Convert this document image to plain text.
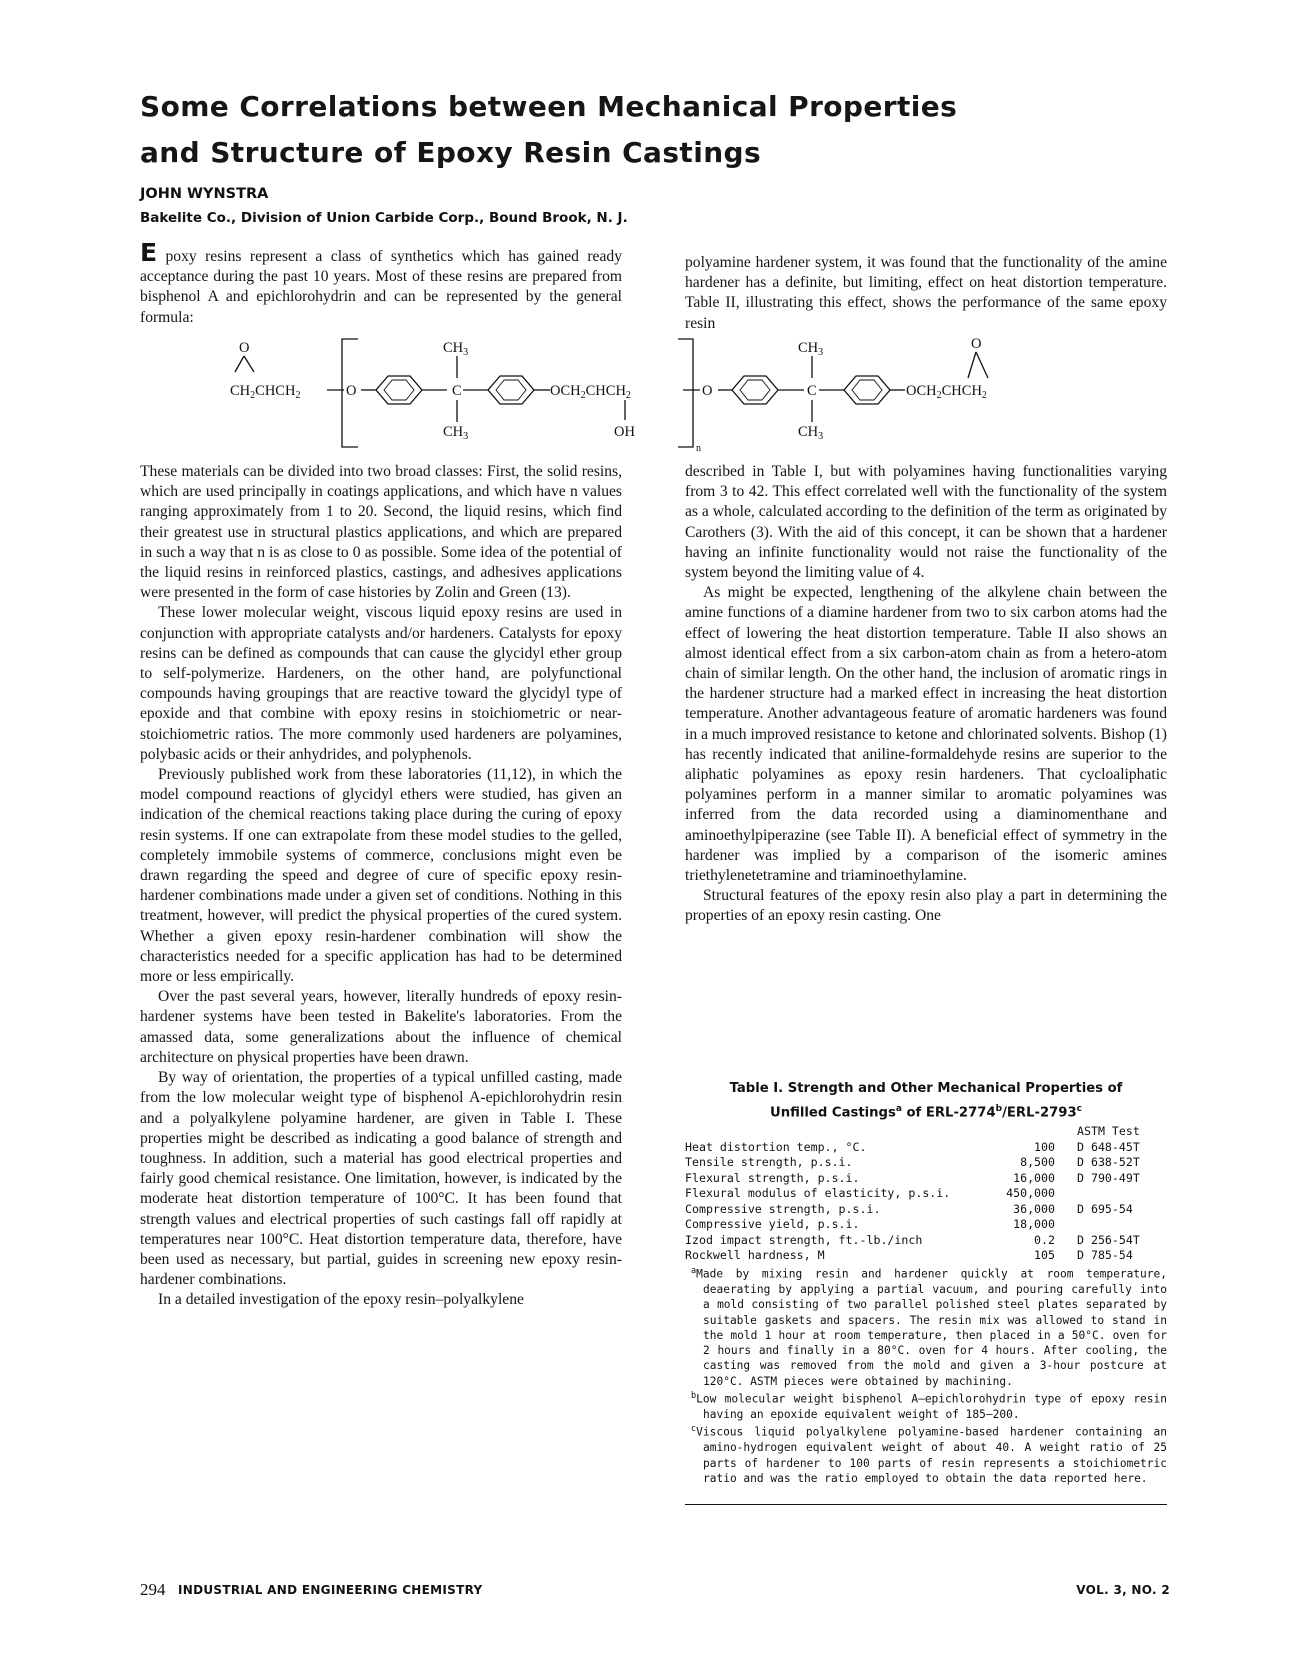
Some Correlations between Mechanical Properties
and Structure of Epoxy Resin Castings

JOHN WYNSTRA

Bakelite Co., Division of Union Carbide Corp., Bound Brook, N. J.

E poxy resins represent a class of synthetics which has gained ready acceptance during the past 10 years. Most of these resins are prepared from bisphenol A and epichlorohydrin and can be represented by the general formula:

polyamine hardener system, it was found that the functionality of the amine hardener has a definite, but limiting, effect on heat distortion temperature. Table II, illustrating this effect, shows the performance of the same epoxy resin

O
$CH_2CHCH_2$	O
$CH_3$
C
$CH_3$
$OCH_2CHCH_2$
OH
n
O
$CH_3$
C
$CH_3$
$OCH_2CHCH_2$
O

These materials can be divided into two broad classes: First, the solid resins, which are used principally in coatings applications, and which have n values ranging approximately from 1 to 20. Second, the liquid resins, which find their greatest use in structural plastics applications, and which are prepared in such a way that n is as close to 0 as possible. Some idea of the potential of the liquid resins in reinforced plastics, castings, and adhesives applications were presented in the form of case histories by Zolin and Green (13).

These lower molecular weight, viscous liquid epoxy resins are used in conjunction with appropriate catalysts and/or hardeners. Catalysts for epoxy resins can be defined as compounds that can cause the glycidyl ether group to self-polymerize. Hardeners, on the other hand, are polyfunctional compounds having groupings that are reactive toward the glycidyl type of epoxide and that combine with epoxy resins in stoichiometric or near-stoichiometric ratios. The more commonly used hardeners are polyamines, polybasic acids or their anhydrides, and polyphenols.

Previously published work from these laboratories (11,12), in which the model compound reactions of glycidyl ethers were studied, has given an indication of the chemical reactions taking place during the curing of epoxy resin systems. If one can extrapolate from these model studies to the gelled, completely immobile systems of commerce, conclusions might even be drawn regarding the speed and degree of cure of specific epoxy resin-hardener combinations made under a given set of conditions. Nothing in this treatment, however, will predict the physical properties of the cured system. Whether a given epoxy resin-hardener combination will show the characteristics needed for a specific application has had to be determined more or less empirically.

Over the past several years, however, literally hundreds of epoxy resin-hardener systems have been tested in Bakelite's laboratories. From the amassed data, some generalizations about the influence of chemical architecture on physical properties have been drawn.

By way of orientation, the properties of a typical unfilled casting, made from the low molecular weight type of bisphenol A-epichlorohydrin resin and a polyalkylene polyamine hardener, are given in Table I. These properties might be described as indicating a good balance of strength and toughness. In addition, such a material has good electrical properties and fairly good chemical resistance. One limitation, however, is indicated by the moderate heat distortion temperature of 100°C. It has been found that strength values and electrical properties of such castings fall off rapidly at temperatures near 100°C. Heat distortion temperature data, therefore, have been used as necessary, but partial, guides in screening new epoxy resin-hardener combinations.

In a detailed investigation of the epoxy resin–polyalkylene

described in Table I, but with polyamines having functionalities varying from 3 to 42. This effect correlated well with the functionality of the system as a whole, calculated according to the definition of the term as originated by Carothers (3). With the aid of this concept, it can be shown that a hardener having an infinite functionality would not raise the functionality of the system beyond the limiting value of 4.

As might be expected, lengthening of the alkylene chain between the amine functions of a diamine hardener from two to six carbon atoms had the effect of lowering the heat distortion temperature. Table II also shows an almost identical effect from a six carbon-atom chain as from a hetero-atom chain of similar length. On the other hand, the inclusion of aromatic rings in the hardener structure had a marked effect in increasing the heat distortion temperature. Another advantageous feature of aromatic hardeners was found in a much improved resistance to ketone and chlorinated solvents. Bishop (1) has recently indicated that aniline-formaldehyde resins are superior to the aliphatic polyamines as epoxy resin hardeners. That cycloaliphatic polyamines perform in a manner similar to aromatic polyamines was inferred from the data recorded using a diaminomenthane and aminoethylpiperazine (see Table II). A beneficial effect of symmetry in the hardener was implied by a comparison of the isomeric amines triethylenetetramine and triaminoethylamine.

Structural features of the epoxy resin also play a part in determining the properties of an epoxy resin casting. One

Table I. Strength and Other Mechanical Properties of

Unfilled Castings$^a$ of ERL-2774$^b$/ERL-2793$^c$

		ASTM Test
Heat distortion temp., °C.	100	D 648-45T
Tensile strength, p.s.i.	8,500	D 638-52T
Flexural strength, p.s.i.	16,000	D 790-49T
Flexural modulus of elasticity, p.s.i.	450,000	
Compressive strength, p.s.i.	36,000	D 695-54
Compressive yield, p.s.i.	18,000	
Izod impact strength, ft.-lb./inch	0.2	D 256-54T
Rockwell hardness, M	105	D 785-54

$^a$Made by mixing resin and hardener quickly at room temperature, deaerating by applying a partial vacuum, and pouring carefully into a mold consisting of two parallel polished steel plates separated by suitable gaskets and spacers. The resin mix was allowed to stand in the mold 1 hour at room temperature, then placed in a 50°C. oven for 2 hours and finally in a 80°C. oven for 4 hours. After cooling, the casting was removed from the mold and given a 3-hour postcure at 120°C. ASTM pieces were obtained by machining.

$^b$Low molecular weight bisphenol A–epichlorohydrin type of epoxy resin having an epoxide equivalent weight of 185–200.

$^c$Viscous liquid polyalkylene polyamine-based hardener containing an amino-hydrogen equivalent weight of about 40. A weight ratio of 25 parts of hardener to 100 parts of resin represents a stoichiometric ratio and was the ratio employed to obtain the data reported here.

294 INDUSTRIAL AND ENGINEERING CHEMISTRY	VOL. 3, NO. 2
